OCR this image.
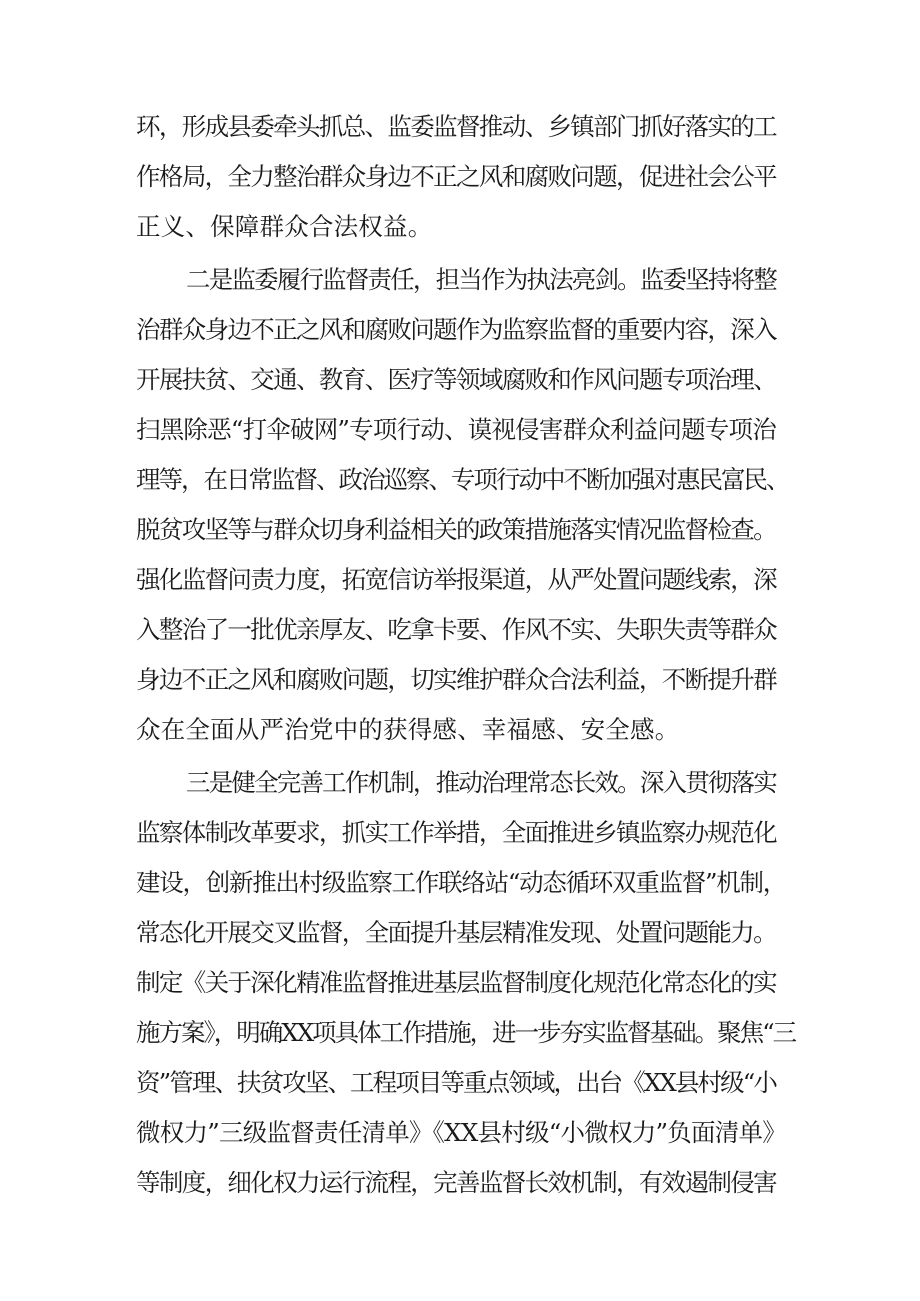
环，形成县委牵头抓总、监委监督推动、乡镇部门抓好落实的工
作格局，全力整治群众身边不正之风和腐败问题，促进社会公平
正义、保障群众合法权益。
二是监委履行监督责任，担当作为执法亮剑。监委坚持将整
治群众身边不正之风和腐败问题作为监察监督的重要内容，深入
开展扶贫、交通、教育、医疗等领域腐败和作风问题专项治理、
扫黑除恶“打伞破网”专项行动、谟视侵害群众利益问题专项治
理等，在日常监督、政治巡察、专项行动中不断加强对惠民富民、
脱贫攻坚等与群众切身利益相关的政策措施落实情况监督检查。
强化监督问责力度，拓宽信访举报渠道，从严处置问题线索，深
入整治了一批优亲厚友、吃拿卡要、作风不实、失职失责等群众
身边不正之风和腐败问题，切实维护群众合法利益，不断提升群
众在全面从严治党中的获得感、幸福感、安全感。
三是健全完善工作机制，推动治理常态长效。深入贯彻落实
监察体制改革要求，抓实工作举措，全面推进乡镇监察办规范化
建设，创新推出村级监察工作联络站“动态循环双重监督”机制，
常态化开展交叉监督，全面提升基层精准发现、处置问题能力。
制定《关于深化精准监督推进基层监督制度化规范化常态化的实
施方案》，明确XX项具体工作措施，进一步夯实监督基础。聚焦“三
资”管理、扶贫攻坚、工程项目等重点领域，出台《XX县村级“小
微权力”三级监督责任清单》《XX县村级“小微权力”负面清单》
等制度，细化权力运行流程，完善监督长效机制，有效遏制侵害
